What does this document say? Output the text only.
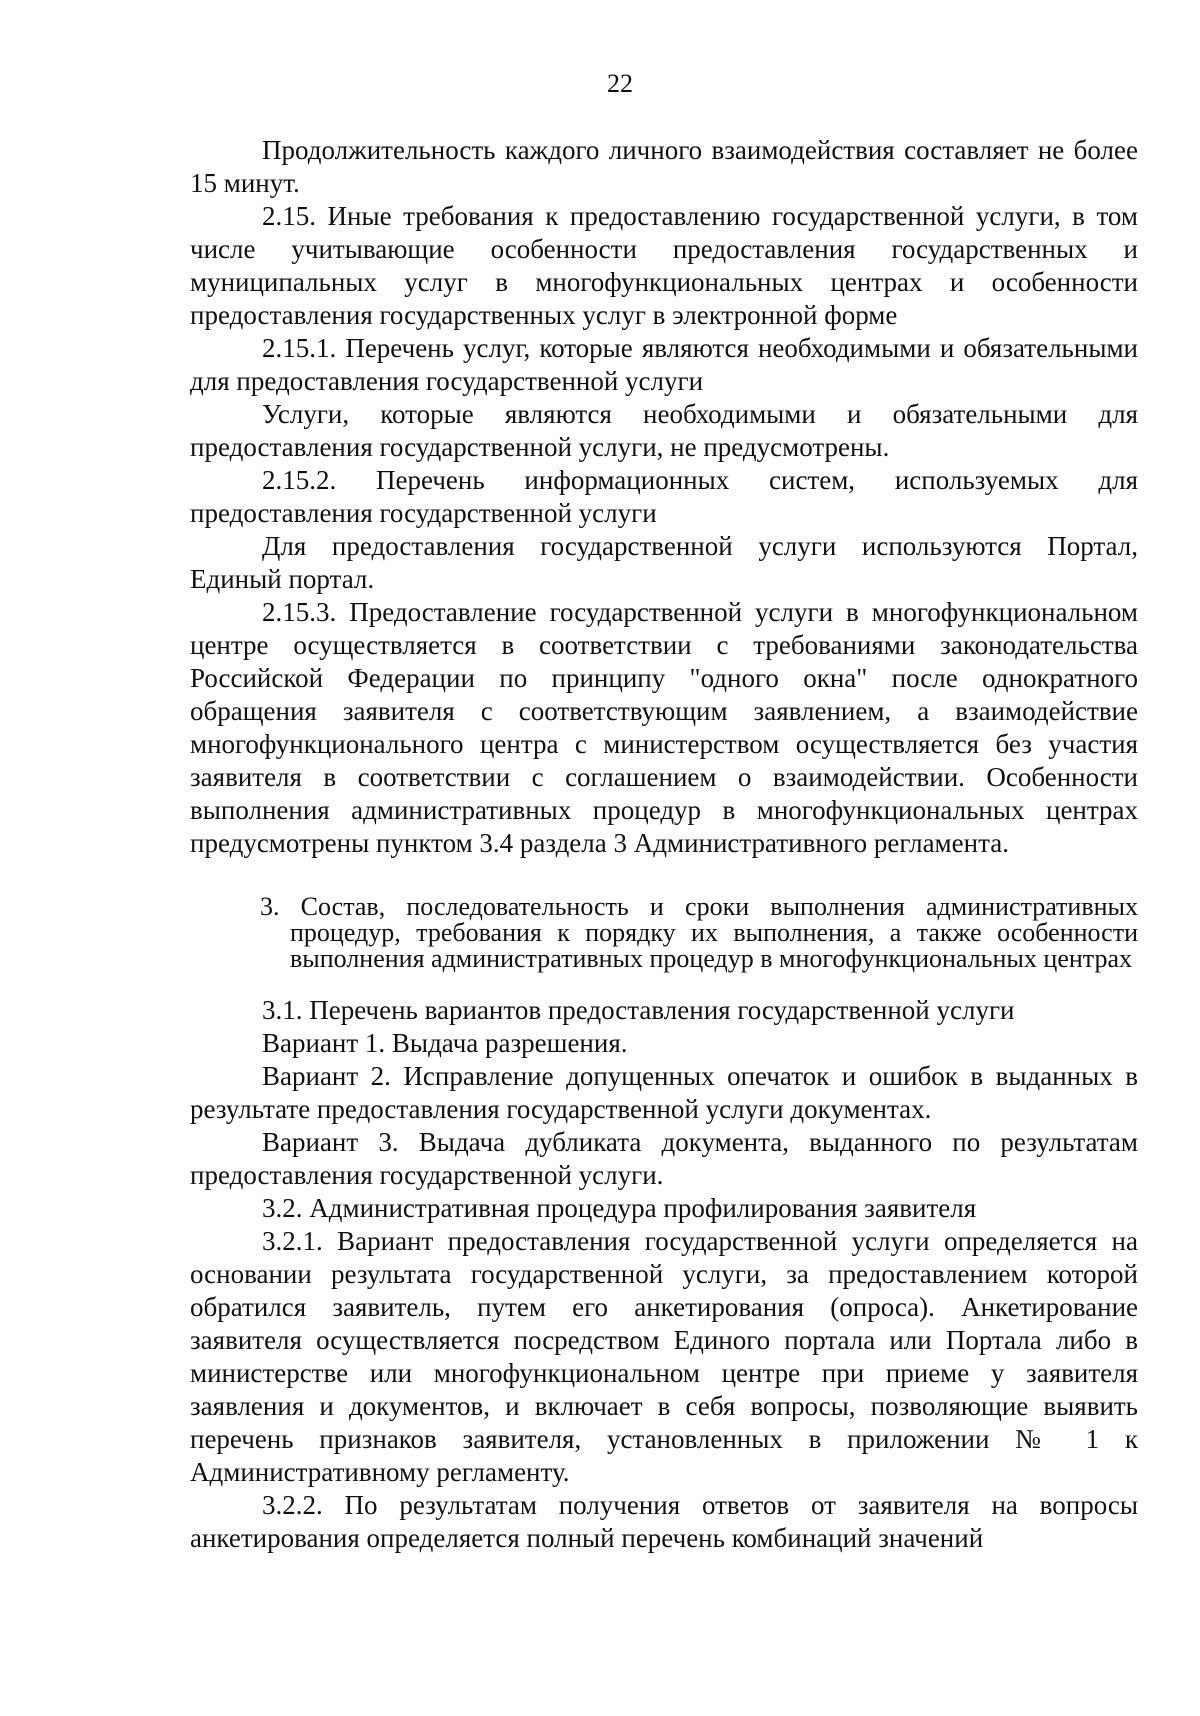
22

Продолжительность каждого личного взаимодействия составляет не более 15 минут.

2.15. Иные требования к предоставлению государственной услуги, в том числе учитывающие особенности предоставления государственных и муниципальных услуг в многофункциональных центрах и особенности предоставления государственных услуг в электронной форме

2.15.1. Перечень услуг, которые являются необходимыми и обязательными для предоставления государственной услуги

Услуги, которые являются необходимыми и обязательными для предоставления государственной услуги, не предусмотрены.

2.15.2. Перечень информационных систем, используемых для предоставления государственной услуги

Для предоставления государственной услуги используются Портал, Единый портал.

2.15.3. Предоставление государственной услуги в многофункциональном центре осуществляется в соответствии с требованиями законодательства Российской Федерации по принципу "одного окна" после однократного обращения заявителя с соответствующим заявлением, а взаимодействие многофункционального центра с министерством осуществляется без участия заявителя в соответствии с соглашением о взаимодействии. Особенности выполнения административных процедур в многофункциональных центрах предусмотрены пунктом 3.4 раздела 3 Административного регламента.

3. Состав, последовательность и сроки выполнения административных процедур, требования к порядку их выполнения, а также особенности выполнения административных процедур в многофункциональных центрах

3.1. Перечень вариантов предоставления государственной услуги

Вариант 1. Выдача разрешения.

Вариант 2. Исправление допущенных опечаток и ошибок в выданных в результате предоставления государственной услуги документах.

Вариант 3. Выдача дубликата документа, выданного по результатам предоставления государственной услуги.

3.2. Административная процедура профилирования заявителя

3.2.1. Вариант предоставления государственной услуги определяется на основании результата государственной услуги, за предоставлением которой обратился заявитель, путем его анкетирования (опроса). Анкетирование заявителя осуществляется посредством Единого портала или Портала либо в министерстве или многофункциональном центре при приеме у заявителя заявления и документов, и включает в себя вопросы, позволяющие выявить перечень признаков заявителя, установленных в приложении № 1 к Административному регламенту.

3.2.2. По результатам получения ответов от заявителя на вопросы анкетирования определяется полный перечень комбинаций значений
